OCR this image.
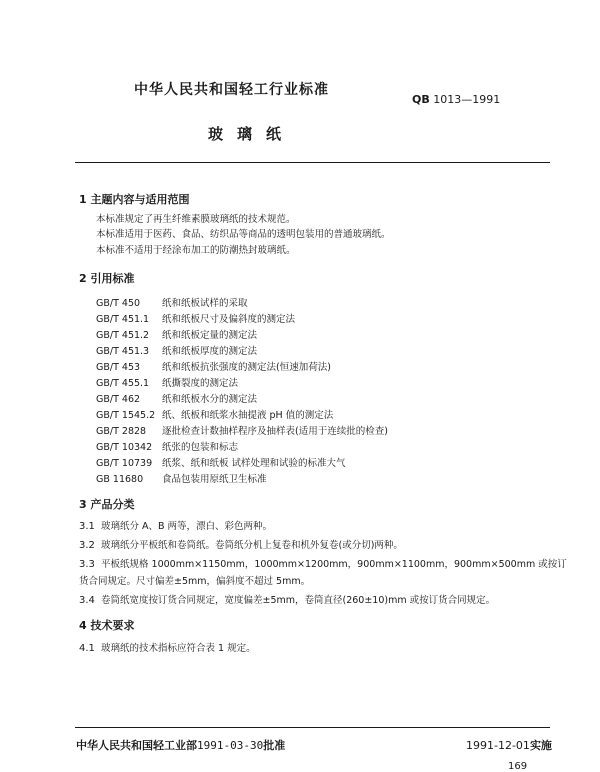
中华人民共和国轻工行业标准
QB 1013—1991
玻璃纸
1 主题内容与适用范围
本标准规定了再生纤维素膜玻璃纸的技术规范。
本标准适用于医药、食品、纺织品等商品的透明包装用的普通玻璃纸。
本标准不适用于经涂布加工的防潮热封玻璃纸。
2 引用标准
GB/T 450 纸和纸板试样的采取
GB/T 451.1 纸和纸板尺寸及偏斜度的测定法
GB/T 451.2 纸和纸板定量的测定法
GB/T 451.3 纸和纸板厚度的测定法
GB/T 453 纸和纸板抗张强度的测定法(恒速加荷法)
GB/T 455.1 纸撕裂度的测定法
GB/T 462 纸和纸板水分的测定法
GB/T 1545.2 纸、纸板和纸浆水抽提液 pH 值的测定法
GB/T 2828 逐批检查计数抽样程序及抽样表(适用于连续批的检查)
GB/T 10342 纸张的包装和标志
GB/T 10739 纸浆、纸和纸板 试样处理和试验的标准大气
GB 11680 食品包装用原纸卫生标准
3 产品分类
3.1 玻璃纸分 A、B 两等，漂白、彩色两种。
3.2 玻璃纸分平板纸和卷筒纸。卷筒纸分机上复卷和机外复卷(或分切)两种。
3.3 平板纸规格 1000mm×1150mm，1000mm×1200mm，900mm×1100mm，900mm×500mm 或按订
货合同规定。尺寸偏差±5mm，偏斜度不超过 5mm。
3.4 卷筒纸宽度按订货合同规定，宽度偏差±5mm，卷筒直径(260±10)mm 或按订货合同规定。
4 技术要求
4.1 玻璃纸的技术指标应符合表 1 规定。
中华人民共和国轻工业部1991-03-30批准	1991-12-01实施
169
